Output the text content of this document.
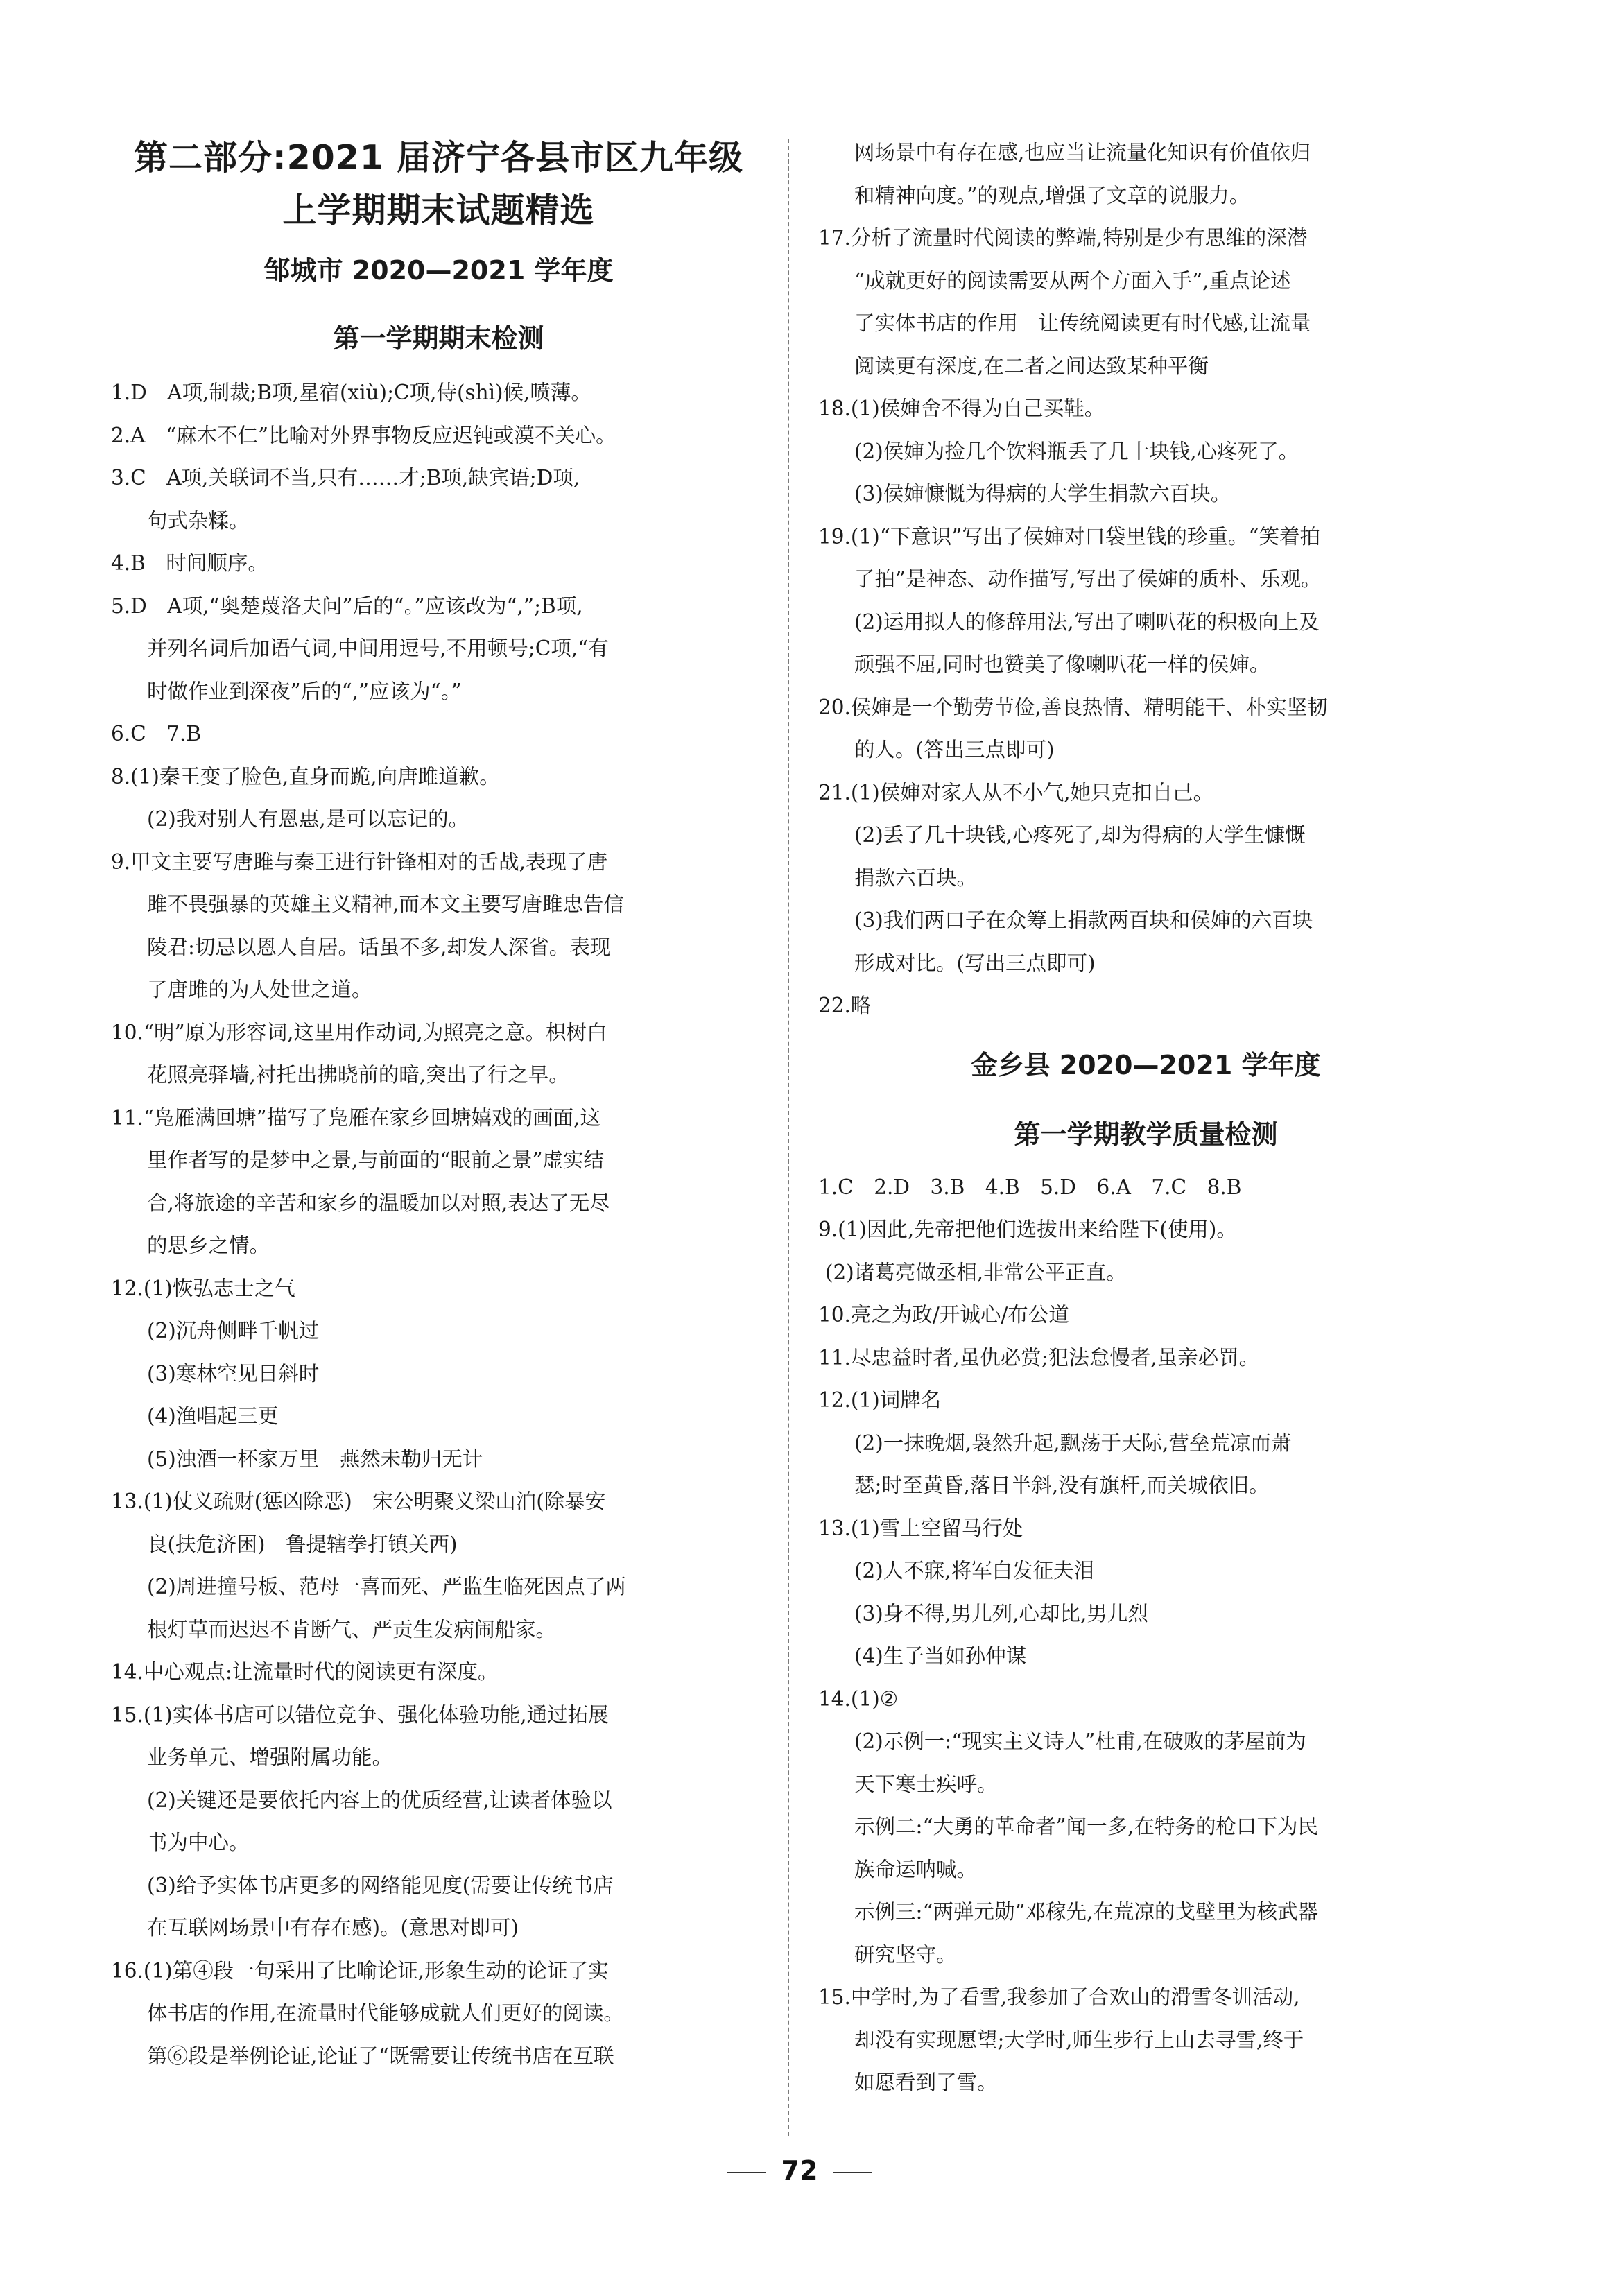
第二部分:2021 届济宁各县市区九年级

上学期期末试题精选

邹城市 2020—2021 学年度

第一学期期末检测

1.D　A项,制裁;B项,星宿(xiù);C项,侍(shì)候,喷薄。

2.A　“麻木不仁”比喻对外界事物反应迟钝或漠不关心。

3.C　A项,关联词不当,只有……才;B项,缺宾语;D项,

句式杂糅。

4.B　时间顺序。

5.D　A项,“奥楚蔑洛夫问”后的“。”应该改为“,”;B项,

并列名词后加语气词,中间用逗号,不用顿号;C项,“有

时做作业到深夜”后的“,”应该为“。”

6.C　7.B

8.(1)秦王变了脸色,直身而跪,向唐雎道歉。

(2)我对别人有恩惠,是可以忘记的。

9.甲文主要写唐雎与秦王进行针锋相对的舌战,表现了唐

雎不畏强暴的英雄主义精神,而本文主要写唐雎忠告信

陵君:切忌以恩人自居。话虽不多,却发人深省。表现

了唐雎的为人处世之道。

10.“明”原为形容词,这里用作动词,为照亮之意。枳树白

花照亮驿墙,衬托出拂晓前的暗,突出了行之早。

11.“凫雁满回塘”描写了凫雁在家乡回塘嬉戏的画面,这

里作者写的是梦中之景,与前面的“眼前之景”虚实结

合,将旅途的辛苦和家乡的温暖加以对照,表达了无尽

的思乡之情。

12.(1)恢弘志士之气

(2)沉舟侧畔千帆过

(3)寒林空见日斜时

(4)渔唱起三更

(5)浊酒一杯家万里　燕然未勒归无计

13.(1)仗义疏财(惩凶除恶)　宋公明聚义梁山泊(除暴安

良(扶危济困)　鲁提辖拳打镇关西)

(2)周进撞号板、范母一喜而死、严监生临死因点了两

根灯草而迟迟不肯断气、严贡生发病闹船家。

14.中心观点:让流量时代的阅读更有深度。

15.(1)实体书店可以错位竞争、强化体验功能,通过拓展

业务单元、增强附属功能。

(2)关键还是要依托内容上的优质经营,让读者体验以

书为中心。

(3)给予实体书店更多的网络能见度(需要让传统书店

在互联网场景中有存在感)。(意思对即可)

16.(1)第④段一句采用了比喻论证,形象生动的论证了实

体书店的作用,在流量时代能够成就人们更好的阅读。

第⑥段是举例论证,论证了“既需要让传统书店在互联

网场景中有存在感,也应当让流量化知识有价值依归

和精神向度。”的观点,增强了文章的说服力。

17.分析了流量时代阅读的弊端,特别是少有思维的深潜

“成就更好的阅读需要从两个方面入手”,重点论述

了实体书店的作用　让传统阅读更有时代感,让流量

阅读更有深度,在二者之间达致某种平衡

18.(1)侯婶舍不得为自己买鞋。

(2)侯婶为捡几个饮料瓶丢了几十块钱,心疼死了。

(3)侯婶慷慨为得病的大学生捐款六百块。

19.(1)“下意识”写出了侯婶对口袋里钱的珍重。“笑着拍

了拍”是神态、动作描写,写出了侯婶的质朴、乐观。

(2)运用拟人的修辞用法,写出了喇叭花的积极向上及

顽强不屈,同时也赞美了像喇叭花一样的侯婶。

20.侯婶是一个勤劳节俭,善良热情、精明能干、朴实坚韧

的人。(答出三点即可)

21.(1)侯婶对家人从不小气,她只克扣自己。

(2)丢了几十块钱,心疼死了,却为得病的大学生慷慨

捐款六百块。

(3)我们两口子在众筹上捐款两百块和侯婶的六百块

形成对比。(写出三点即可)

22.略

金乡县 2020—2021 学年度

第一学期教学质量检测

1.C　2.D　3.B　4.B　5.D　6.A　7.C　8.B

9.(1)因此,先帝把他们选拔出来给陛下(使用)。

(2)诸葛亮做丞相,非常公平正直。

10.亮之为政/开诚心/布公道

11.尽忠益时者,虽仇必赏;犯法怠慢者,虽亲必罚。

12.(1)词牌名

(2)一抹晚烟,袅然升起,飘荡于天际,营垒荒凉而萧

瑟;时至黄昏,落日半斜,没有旗杆,而关城依旧。

13.(1)雪上空留马行处

(2)人不寐,将军白发征夫泪

(3)身不得,男儿列,心却比,男儿烈

(4)生子当如孙仲谋

14.(1)②

(2)示例一:“现实主义诗人”杜甫,在破败的茅屋前为

天下寒士疾呼。

示例二:“大勇的革命者”闻一多,在特务的枪口下为民

族命运呐喊。

示例三:“两弹元勋”邓稼先,在荒凉的戈壁里为核武器

研究坚守。

15.中学时,为了看雪,我参加了合欢山的滑雪冬训活动,

却没有实现愿望;大学时,师生步行上山去寻雪,终于

如愿看到了雪。

72
